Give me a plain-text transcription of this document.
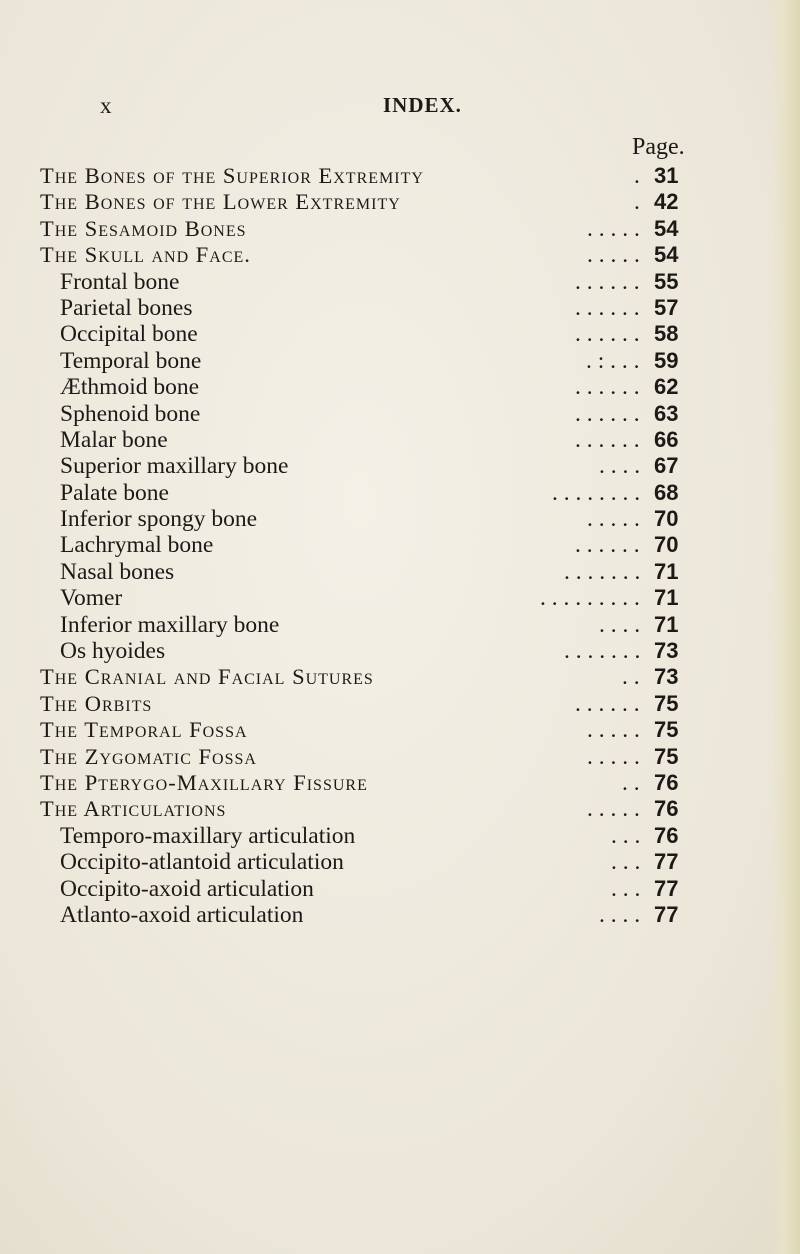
x	INDEX.
Page.
The Bones of the Superior Extremity	. 31
The Bones of the Lower Extremity	. 42
The Sesamoid Bones	. . . . . 54
The Skull and Face.	. . . . . 54
Frontal bone	. . . . . . 55
Parietal bones	. . . . . . 57
Occipital bone	. . . . . . 58
Temporal bone	. : . . . 59
Æthmoid bone	. . . . . . 62
Sphenoid bone	. . . . . . 63
Malar bone	. . . . . . 66
Superior maxillary bone	. . . . 67
Palate bone	. . . . . . . . 68
Inferior spongy bone	. . . . . 70
Lachrymal bone	. . . . . . 70
Nasal bones	. . . . . . . 71
Vomer	. . . . . . . . . 71
Inferior maxillary bone	. . . . 71
Os hyoides	. . . . . . . 73
The Cranial and Facial Sutures	. . 73
The Orbits	. . . . . . 75
The Temporal Fossa	. . . . . 75
The Zygomatic Fossa	. . . . . 75
The Pterygo-Maxillary Fissure	. . 76
The Articulations	. . . . . 76
Temporo-maxillary articulation	. . . 76
Occipito-atlantoid articulation	. . . 77
Occipito-axoid articulation	. . . 77
Atlanto-axoid articulation	. . . . 77
